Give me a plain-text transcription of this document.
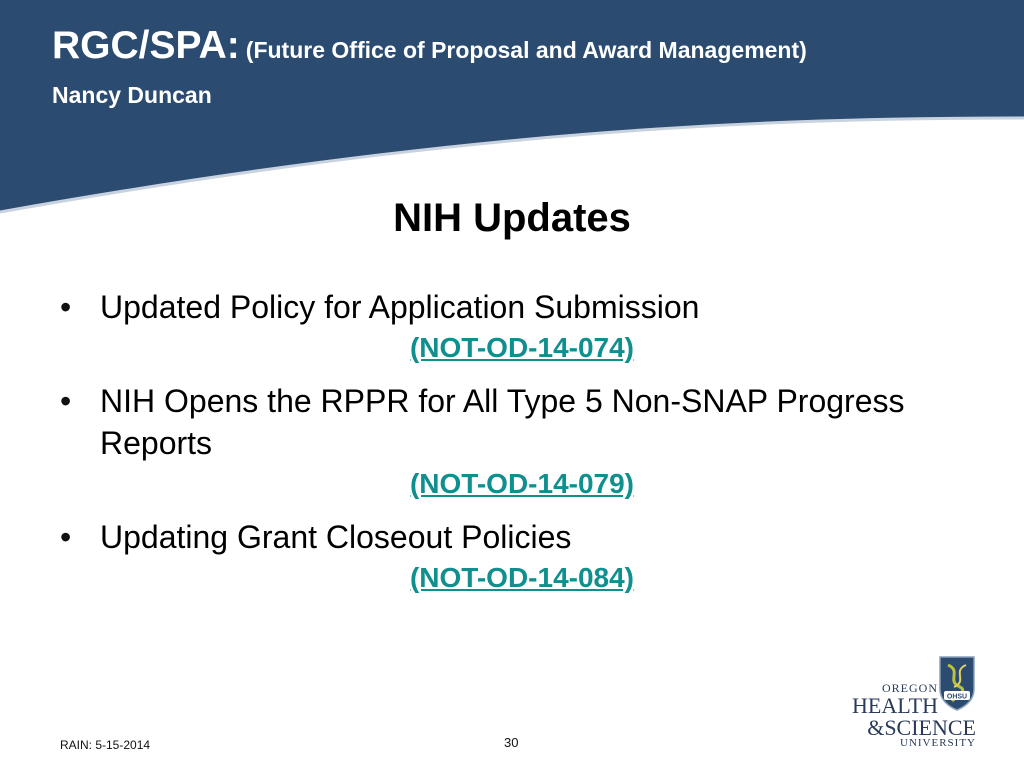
RGC/SPA: (Future Office of Proposal and Award Management)
Nancy Duncan
NIH Updates
• Updated Policy for Application Submission
(NOT-OD-14-074)
• NIH Opens the RPPR for All Type 5 Non-SNAP Progress Reports
(NOT-OD-14-079)
• Updating Grant Closeout Policies
(NOT-OD-14-084)
RAIN: 5-15-2014	30
OHSU
OREGON
HEALTH
&SCIENCE
UNIVERSITY
